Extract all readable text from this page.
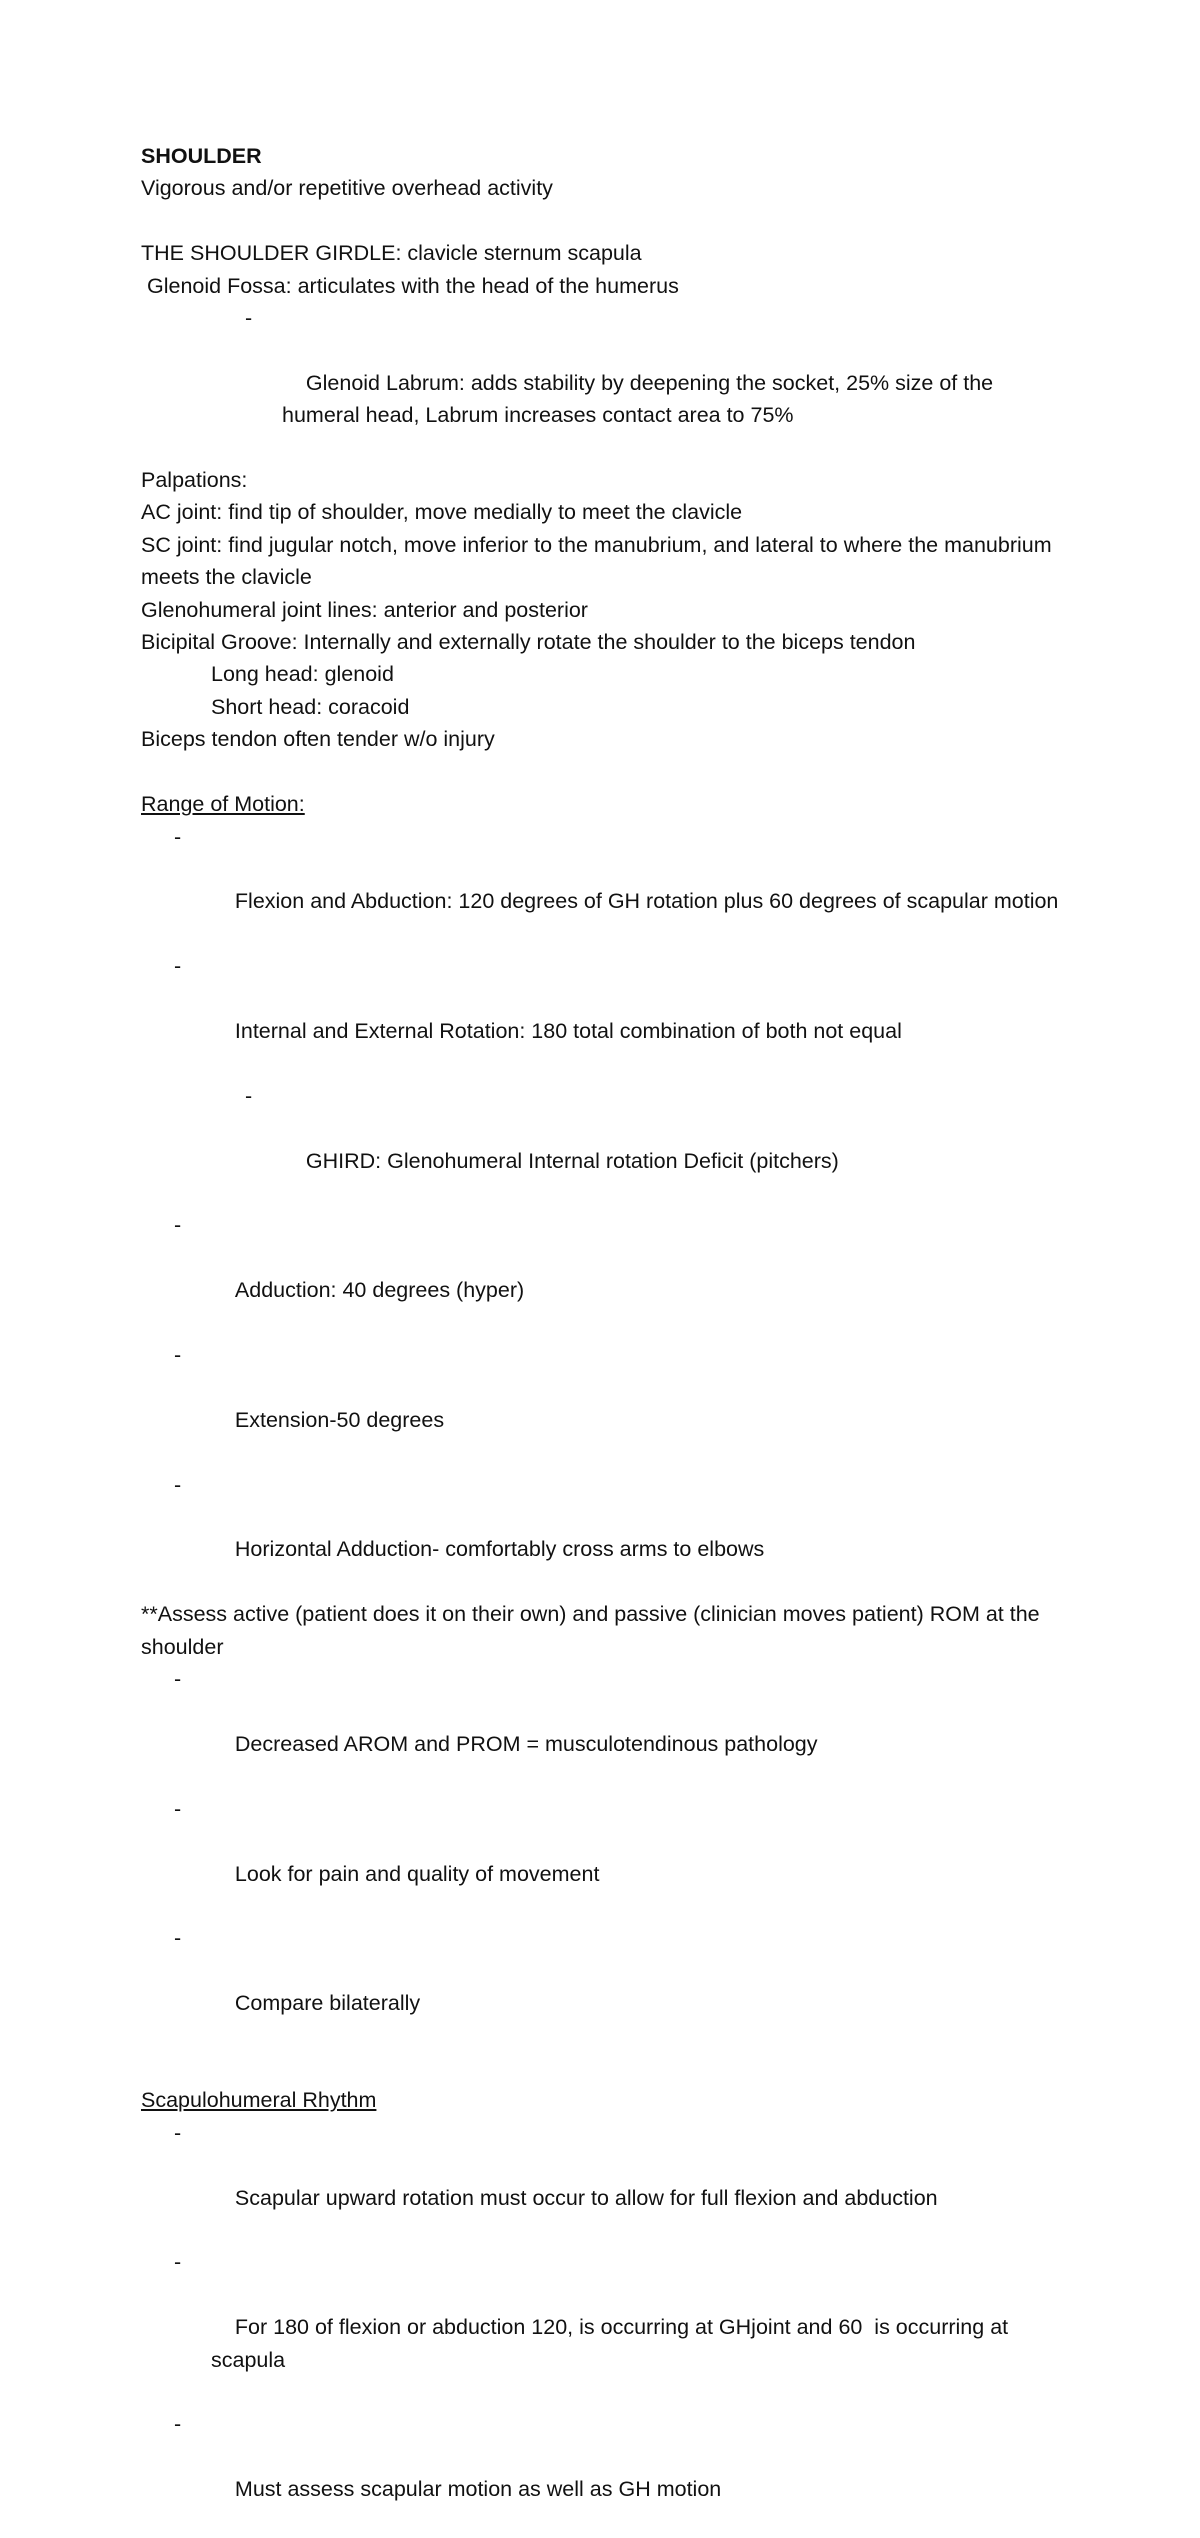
SHOULDER
Vigorous and/or repetitive overhead activity
THE SHOULDER GIRDLE: clavicle sternum scapula
Glenoid Fossa: articulates with the head of the humerus

-

Glenoid Labrum: adds stability by deepening the socket, 25% size of the humeral head, Labrum increases contact area to 75%

Palpations:
AC joint: find tip of shoulder, move medially to meet the clavicle
SC joint: find jugular notch, move inferior to the manubrium, and lateral to where the manubrium meets the clavicle
Glenohumeral joint lines: anterior and posterior
Bicipital Groove: Internally and externally rotate the shoulder to the biceps tendon
Long head: glenoid
Short head: coracoid
Biceps tendon often tender w/o injury
Range of Motion:

-

Flexion and Abduction: 120 degrees of GH rotation plus 60 degrees of scapular motion

-

Internal and External Rotation: 180 total combination of both not equal

-

GHIRD: Glenohumeral Internal rotation Deficit (pitchers)

-

Adduction: 40 degrees (hyper)

-

Extension-50 degrees

-

Horizontal Adduction- comfortably cross arms to elbows

**Assess active (patient does it on their own) and passive (clinician moves patient) ROM at the shoulder

-

Decreased AROM and PROM = musculotendinous pathology

-

Look for pain and quality of movement

-

Compare bilaterally

Scapulohumeral Rhythm

-

Scapular upward rotation must occur to allow for full flexion and abduction

-

For 180 of flexion or abduction 120, is occurring at GHjoint and 60  is occurring at scapula

-

Must assess scapular motion as well as GH motion
